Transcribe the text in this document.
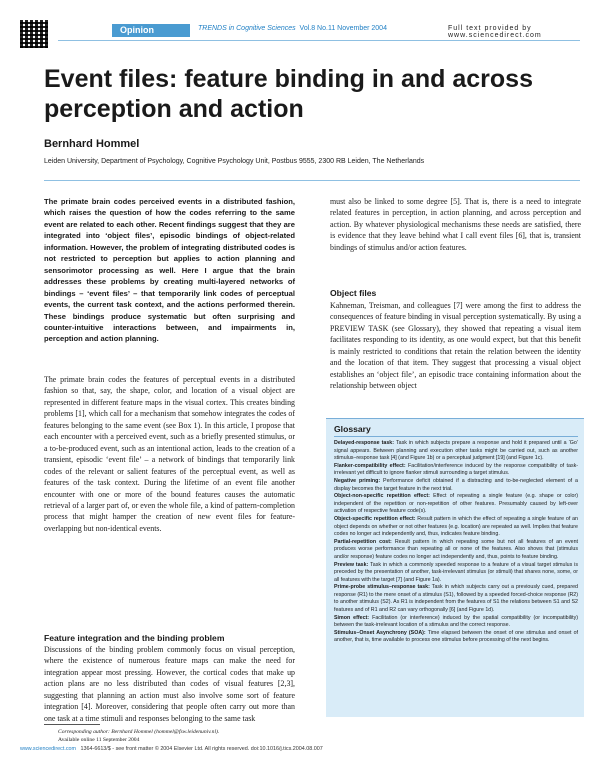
Opinion	TRENDS in Cognitive Sciences Vol.8 No.11 November 2004	Full text provided by www.sciencedirect.com
Event files: feature binding in and across perception and action
Bernhard Hommel
Leiden University, Department of Psychology, Cognitive Psychology Unit, Postbus 9555, 2300 RB Leiden, The Netherlands
The primate brain codes perceived events in a distributed fashion, which raises the question of how the codes referring to the same event are related to each other. Recent findings suggest that they are integrated into ‘object files’, episodic bindings of object-related information. However, the problem of integrating distributed codes is not restricted to perception but applies to action planning and sensorimotor processing as well. Here I argue that the brain addresses these problems by creating multi-layered networks of bindings – ‘event files’ – that temporarily link codes of perceptual events, the current task context, and the actions performed therein. These bindings produce systematic but often surprising and counter-intuitive interactions between, and impairments in, perception and action planning.
The primate brain codes the features of perceptual events in a distributed fashion so that, say, the shape, color, and location of a visual object are represented in different feature maps in the visual cortex. This creates binding problems [1], which call for a mechanism that somehow integrates the codes of features belonging to the same event (see Box 1). In this article, I propose that each encounter with a perceived event, such as a briefly presented stimulus, or a to-be-produced event, such as an intentional action, leads to the creation of a transient, episodic ‘event file’ – a network of bindings that temporarily link codes of the relevant or salient features of the perceptual event, as well as features of the task context. During the lifetime of an event file another encounter with one or more of the bound features causes the automatic retrieval of a larger part of, or even the whole file, a kind of pattern-completion process that might hamper the creation of new event files for feature-overlapping but non-identical events.
Feature integration and the binding problem
Discussions of the binding problem commonly focus on visual perception, where the existence of numerous feature maps can make the need for integration appear most pressing. However, the cortical codes that make up action plans are no less distributed than codes of visual features [2,3], suggesting that planning an action must also involve some sort of feature integration [4]. Moreover, considering that people often carry out more than one task at a time stimuli and responses belonging to the same task
Corresponding author: Bernhard Hommel (hommel@fsw.leidenuniv.nl).
Available online 11 September 2004
must also be linked to some degree [5]. That is, there is a need to integrate related features in perception, in action planning, and across perception and action. By whatever physiological mechanisms these needs are satisfied, there is evidence that they leave behind what I call event files [6], that is, transient bindings of stimulus and/or action features.
Object files
Kahneman, Treisman, and colleagues [7] were among the first to address the consequences of feature binding in visual perception systematically. By using a PREVIEW TASK (see Glossary), they showed that repeating a visual item facilitates responding to its identity, as one would expect, but that this benefit is mainly restricted to conditions that retain the relation between the identity and the location of that item. They suggest that processing a visual object establishes an ‘object file’, an episodic trace containing information about the relationship between object
Glossary

Delayed-response task: Task in which subjects prepare a response and hold it prepared until a ‘Go’ signal appears. Between planning and execution other tasks might be carried out, such as another stimulus–response task [4] (and Figure 1b) or a perceptual judgment [19] (and Figure 1c).

Flanker-compatibility effect: Facilitation/interference induced by the response compatibility of task-irrelevant yet difficult to ignore flanker stimuli surrounding a target stimulus.

Negative priming: Performance deficit obtained if a distracting and to-be-neglected element of a display becomes the target feature in the next trial.

Object-non-specific repetition effect: Effect of repeating a single feature (e.g. shape or color) independent of the repetition or non-repetition of other features. Presumably caused by left-over activation of respective feature code(s).

Object-specific repetition effect: Result pattern in which the effect of repeating a single feature of an object depends on whether or not other features (e.g. location) are repeated as well. Implies that feature codes no longer act independently and, thus, indicates feature binding.

Partial-repetition cost: Result pattern in which repeating some but not all features of an event produces worse performance than repeating all or none of the features. Also shows that (stimulus and/or response) feature codes no longer act independently and, thus, points to feature binding.

Preview task: Task in which a commonly speeded response to a feature of a visual target stimulus is preceded by the presentation of another, task-irrelevant stimulus (or stimuli) that shares none, some, or all features with the target [7] (and Figure 1a).

Prime-probe stimulus–response task: Task in which subjects carry out a previously cued, prepared response (R1) to the mere onset of a stimulus (S1), followed by a speeded forced-choice response (R2) to another stimulus (S2). As R1 is independent from the features of S1 the relations between S1 and S2 features and of R1 and R2 can vary orthogonally [6] (and Figure 1d).

Simon effect: Facilitation (or interference) induced by the spatial compatibility (or incompatibility) between the task-irrelevant location of a stimulus and the correct response.

Stimulus–Onset Asynchrony (SOA): Time elapsed between the onset of one stimulus and onset of another, that is, time available to process one stimulus before processing of the next begins.

www.sciencedirect.com 1364-6613/$ - see front matter © 2004 Elsevier Ltd. All rights reserved. doi:10.1016/j.tics.2004.08.007
